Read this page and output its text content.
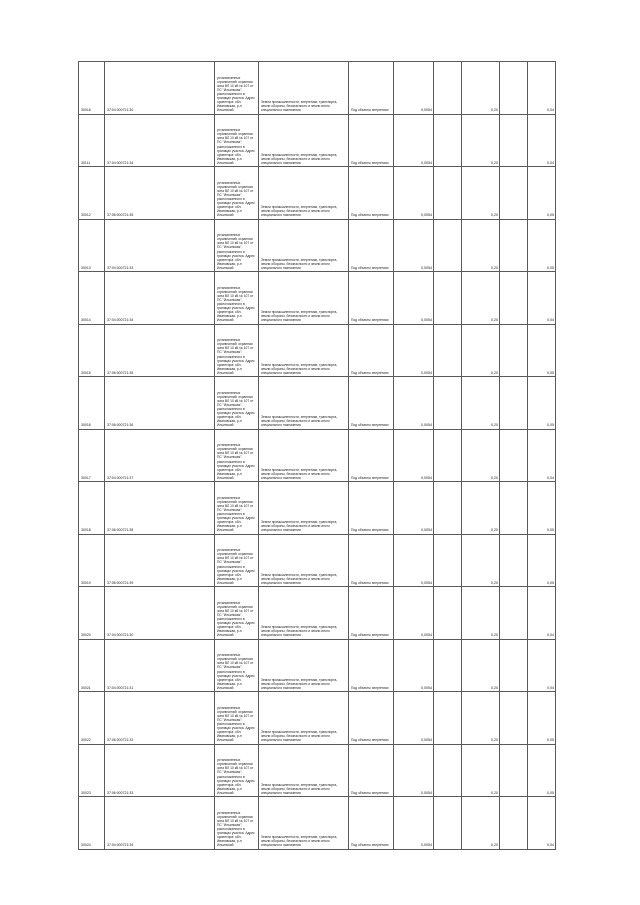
30016	37:04:000721:30	установленных ограничений: охранная зона ВЛ 10 кВ № 107 от ПС "Ильинская", расположенного в границах участка. Адрес ориентира: обл. Ивановская, р-н Ильинский	Земли промышленности, энергетики, транспорта, земли обороны, безопасности и земли иного специального назначения	Под объекты энергетики	0,0054		0,20		0,04

30111	37:04:000721:34	установленных ограничений: охранная зона ВЛ 10 кВ № 107 от ПС "Ильинская", расположенного в границах участка. Адрес ориентира: обл. Ивановская, р-н Ильинский	Земли промышленности, энергетики, транспорта, земли обороны, безопасности и земли иного специального назначения	Под объекты энергетики	0,0054		0,20		0,04

30012	37:06:000721:35	установленных ограничений: охранная зона ВЛ 10 кВ № 107 от ПС "Ильинская", расположенного в границах участка. Адрес ориентира: обл. Ивановская, р-н Ильинский	Земли промышленности, энергетики, транспорта, земли обороны, безопасности и земли иного специального назначения	Под объекты энергетики	0,0054		0,20		0,05

30013	37:04:000721:33	установленных ограничений: охранная зона ВЛ 10 кВ № 107 от ПС "Ильинская", расположенного в границах участка. Адрес ориентира: обл. Ивановская, р-н Ильинский	Земли промышленности, энергетики, транспорта, земли обороны, безопасности и земли иного специального назначения	Под объекты энергетики	0,0054		0,20		0,05

30014	37:04:000721:34	установленных ограничений: охранная зона ВЛ 10 кВ № 107 от ПС "Ильинская", расположенного в границах участка. Адрес ориентира: обл. Ивановская, р-н Ильинский	Земли промышленности, энергетики, транспорта, земли обороны, безопасности и земли иного специального назначения	Под объекты энергетики	0,0054		0,20		0,04

30015	37:06:000721:35	установленных ограничений: охранная зона ВЛ 10 кВ № 107 от ПС "Ильинская", расположенного в границах участка. Адрес ориентира: обл. Ивановская, р-н Ильинский	Земли промышленности, энергетики, транспорта, земли обороны, безопасности и земли иного специального назначения	Под объекты энергетики	0,0054		0,20		0,05

30016	37:06:000721:36	установленных ограничений: охранная зона ВЛ 10 кВ № 107 от ПС "Ильинская", расположенного в границах участка. Адрес ориентира: обл. Ивановская, р-н Ильинский	Земли промышленности, энергетики, транспорта, земли обороны, безопасности и земли иного специального назначения	Под объекты энергетики	0,0054		0,20		0,05

30017	37:04:000721:37	установленных ограничений: охранная зона ВЛ 10 кВ № 107 от ПС "Ильинская", расположенного в границах участка. Адрес ориентира: обл. Ивановская, р-н Ильинский	Земли промышленности, энергетики, транспорта, земли обороны, безопасности и земли иного специального назначения	Под объекты энергетики	0,0054		0,20		0,04

30018	37:06:000721:38	установленных ограничений: охранная зона ВЛ 10 кВ № 107 от ПС "Ильинская", расположенного в границах участка. Адрес ориентира: обл. Ивановская, р-н Ильинский	Земли промышленности, энергетики, транспорта, земли обороны, безопасности и земли иного специального назначения	Под объекты энергетики	0,0054		0,20		0,05

30019	37:06:000721:39	установленных ограничений: охранная зона ВЛ 10 кВ № 107 от ПС "Ильинская", расположенного в границах участка. Адрес ориентира: обл. Ивановская, р-н Ильинский	Земли промышленности, энергетики, транспорта, земли обороны, безопасности и земли иного специального назначения	Под объекты энергетики	0,0054		0,20		0,05

30020	37:04:000721:30	установленных ограничений: охранная зона ВЛ 10 кВ № 107 от ПС "Ильинская", расположенного в границах участка. Адрес ориентира: обл. Ивановская, р-н Ильинский	Земли промышленности, энергетики, транспорта, земли обороны, безопасности и земли иного специального назначения	Под объекты энергетики	0,0054		0,20		0,04

30021	37:04:000721:31	установленных ограничений: охранная зона ВЛ 10 кВ № 107 от ПС "Ильинская", расположенного в границах участка. Адрес ориентира: обл. Ивановская, р-н Ильинский	Земли промышленности, энергетики, транспорта, земли обороны, безопасности и земли иного специального назначения	Под объекты энергетики	0,0054		0,20		0,04

30022	37:06:000721:32	установленных ограничений: охранная зона ВЛ 10 кВ № 107 от ПС "Ильинская", расположенного в границах участка. Адрес ориентира: обл. Ивановская, р-н Ильинский	Земли промышленности, энергетики, транспорта, земли обороны, безопасности и земли иного специального назначения	Под объекты энергетики	0,0054		0,20		0,05

30023	37:06:000721:33	установленных ограничений: охранная зона ВЛ 10 кВ № 107 от ПС "Ильинская", расположенного в границах участка. Адрес ориентира: обл. Ивановская, р-н Ильинский	Земли промышленности, энергетики, транспорта, земли обороны, безопасности и земли иного специального назначения	Под объекты энергетики	0,0054		0,20		0,05

30024	37:04:000721:34	установленных ограничений: охранная зона ВЛ 10 кВ № 107 от ПС "Ильинская", расположенного в границах участка. Адрес ориентира: обл. Ивановская, р-н Ильинский	Земли промышленности, энергетики, транспорта, земли обороны, безопасности и земли иного специального назначения	Под объекты энергетики	0,0054		0,20		0,04
